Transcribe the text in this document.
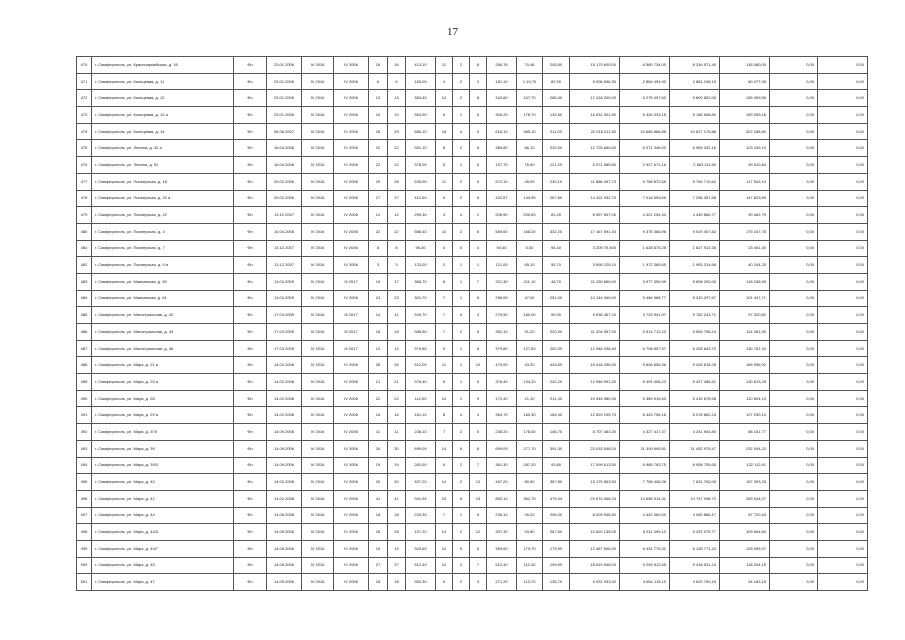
17
470	г. Симферополь, ул. Красноармейская, д. 16	Фн	23.01.2006	IV 2018	IV 2006	16	16	413,10	11	2	8	284,76	70,46	205,80	15 179 600,00	6 580 734,00	6 316 571,40	118 080,00	0,00	0,00
471	г. Симферополь, ул. Кольцевая, д. 11	Фн	23.01.2006	IV 2016	IV 2006	6	6	183,00	4	2	2	181,10	1 19,70	82,90	5 906 836,30	2 864 494,90	2 881 198,15	60 477,45	0,00	0,00
472	г. Симферополь, ул. Кольцевая, д. 12	Фн	23.01.2006	IV 2016	IV 2006	13	13	363,40	10	2	8	343,60	107,70	285,40	17 418 200,00	5 275 497,60	9 800 852,00	155 459,56	0,00	0,00
473	г. Симферополь, ул. Кольцевая, д. 12 а	Фн	23.01.2006	IV 2016	IV 2006	10	10	354,90	6	1	5	309,20	176,70	132,60	16 031 501,50	5 326 333,15	5 166 658,80	159 259,16	0,00	0,00
474	г. Симферополь, ул. Кольцевая, д. 14	Фн	06.06.2007	IV 2016	IV 2006	28	29	686,10	16	4	9	616,10	385,10	211,00	22 016 211,50	10 666 866,85	10 627 176,88	322 188,80	0,00	0,00
475	г. Симферополь, ул. Ленина, д. 42 а	Фн	16.04.2008	IV 2016	IV 2006	22	22	391,10	8	2	6	389,80	86,10	232,00	12 728 660,00	6 071 346,00	6 965 342,16	123 439,10	0,00	0,00
476	г. Симферополь, ул. Ленина, д. 51	Фн	16.04.2008	IV 2016	IV 2006	22	22	378,00	5	1	5	197,70	76,50	121,20	5 571 565,60	2 927 671,16	2 863 111,60	99 510,84	0,00	0,00
477	г. Симферополь, ул. Пионерская, д. 18	Фн	29.02.2006	IV 2016	IV 2006	29	28	535,00	11	2	9	572,10	45,99	230,10	11 886 497,73	5 758 872,65	5 760 710,62	117 542,10	0,00	0,00
478	г. Симферополь, ул. Пионерская, д. 20 а	Фн	29.02.2006	IV 2016	IV 2006	27	27	412,60	5	2	6	422,67	144,90	267,80	14 422 932,70	7 018 593,69	7 256 357,68	147 823,65	0,00	0,00
479	г. Симферополь, ул. Пионерская, д. 22	Фн	13.12.2007	IV 2016	IV 2006	12	12	295,30	3	4	1	206,90	205,60	81,20	8 957 607,00	4 421 254,44	4 445 866,77	90 462,79	0,00	0,00
480	г. Симферополь, ул. Пионерская, д. 4	Фн	10.04.2008	IV 2016	IV 2006	22	22	586,40	10	2	8	580,60	168,20	332,20	17 167 591,34	9 375 366,96	9 519 407,82	175 167,78	0,00	0,00
481	г. Симферополь, ул. Пионерская, д. 7	Фн	13.12.2007	IV 2016	IV 2006	8	8	96,40	4	0	4	94,40	0,00	94,40	3 209 75,400	1 628 675,25	1 627 912,35	23 451,40	0,00	0,00
482	г. Симферополь, ул. Пионерская, д. 9 а	Фн	13.12.2007	IV 2016	IV 2006	3	3	123,00	2	1	1	121,00	65,10	55,70	3 995 225,10	1 972 365,65	1 983 314,68	40 244,25	0,00	0,00
483	г. Симферополь, ул. Маяковская, д. 59	Фн	13.03.2009	IV 2016	III 2017	19	17	368,70	8	1	7	321,30	211,10	48,70	11 250 660,00	5 977 356,99	5 608 250,00	118 168,99	0,00	0,00
484	г. Симферополь, ул. Маяковская, д. 61	Фн	13.03.2009	IV 2016	IV 2006	24	23	301,70	7	1	6	296,00	47,00	251,00	10 144 460,00	5 484 568,77	5 315 297,67	101 447,71	0,00	0,00
485	г. Симферополь, ул. Магистральная, д. 42	Фн	17.03.2009	IV 2016	III 2017	14	11	349,70	7	4	3	279,90	180,00	99,30	9 635 467,20	3 723 941,97	9 782 243,71	97 320,82	0,00	0,00
486	г. Симферополь, ул. Магистральная, д. 44	Фн	17.03.2009	IV 2016	III 2017	18	18	385,50	7	2	5	352,10	91,20	220,90	11 204 557,00	5 514 712,23	5 659 758,24	114 081,55	0,00	0,00
487	г. Симферополь, ул. Магистральная, д. 46	Фн	17.03.2009	IV 2016	III 2017	12	12	379,80	9	1	8	379,80	127,60	252,00	12 946 298,40	6 708 807,57	6 425 643,70	130 781,34	0,00	0,00
488	г. Симферополь, ул. Мира, д. 21 а	Фн	14.02.2008	IV 2016	IV 2006	28	26	522,00	11	1	10	470,00	43,20	426,60	16 418 436,00	9 606 806,36	9 426 618,25	165 956,92	0,00	0,00
489	г. Симферополь, ул. Мира, д. 23 а	Фн	14.02.2008	IV 2016	IV 2006	21	21	376,40	6	1	5	376,40	134,20	242,20	12 946 991,20	6 491 408,23	6 427 486,51	130 813,25	0,00	0,00
490	г. Симферополь, ул. Мира, д. 28	Фн	14.02.2008	IV 2016	IV 2006	22	22	112,00	10	1	9	172,40	21,10	211,30	10 945 980,00	5 389 915,63	5 415 678,58	110 804,19	0,00	0,00
491	г. Симферополь, ул. Мира, д. 29 а	Фн	14.02.2008	IV 2016	IV 2006	16	16	161,10	8	4	4	364,70	180,30	184,40	12 520 195,70	6 443 706,16	6 078 862,24	127 290,10	0,00	0,00
492	г. Симферополь, ул. Мира, д. 37б	Фн	14.09.2006	IV 2016	IV 2006	11	11	238,10	7	2	5	238,20	178,00	146,70	8 707 483,30	4 327 417,37	4 241 904,80	88 161,77	0,00	0,00
493	г. Симферополь, ул. Мира, д. 39	Фн	14.09.2006	IV 2016	IV 2006	34	30	699,09	14	6	8	699,09	277,70	391,30	23 033 546,00	11 309 695,81	11 452 975,47	232 094,22	0,00	0,00
494	г. Симферополь, ул. Мира, д. 39/3	Фн	14.09.2006	IV 2016	IV 2006	19	19	281,00	6	2	7	381,30	287,20	93,80	17 099 613,50	6 985 763,75	6 908 755,65	132 112,91	0,00	0,00
495	г. Симферополь, ул. Мира, д. 40	Фн	14.02.2008	IV 2016	IV 2006	20	20	457,20	14	2	12	457,20	80,90	367,80	15 175 563,50	7 788 408,36	7 831 762,09	157 393,25	0,00	0,00
496	г. Симферополь, ул. Мира, д. 42	Фн	14.02.2008	IV 2016	IV 2006	41	41	941,94	23	8	15	892,10	362,70	479,44	29 674 066,23	14 656 514,31	14 747 098,72	289 544,07	0,00	0,00
497	г. Симферополь, ул. Мира, д. 44	Фн	14.06.2008	IV 2016	IV 2006	18	18	233,30	7	1	6	236,10	26,20	206,00	8 009 946,60	4 442 360,00	4 060 866,17	87 720,43	0,00	0,00
498	г. Симферополь, ул. Мира, д. 44/3	Фн	14.09.2006	IV 2016	IV 2006	28	28	107,20	14	2	12	337,30	93,80	267,60	10 820 135,00	5 511 495,10	5 332 975,77	109 664,60	0,00	0,00
499	г. Симферополь, ул. Мира, д. 44/7	Фн	14.09.2006	IV 2016	IV 2006	19	19	329,60	10	5	5	359,60	179,70	179,90	12 467 606,00	6 431 779,31	6 128 771,43	125 995,97	0,00	0,00
500	г. Симферополь, ул. Мира, д. 45	Фн	14.09.2006	IV 2016	IV 2006	27	27	512,40	10	3	7	512,40	112,40	199,90	18 519 948,00	9 209 812,65	9 418 531,24	118 204,15	0,00	0,00
501	г. Симферополь, ул. Мира, д. 47	Фн	14.09.2006	IV 2016	IV 2006	18	18	352,30	5	2	3	271,20	113,70	135,70	9 022 933,00	4 661 118,10	4 620 750,15	94 183,15	0,00	0,00
